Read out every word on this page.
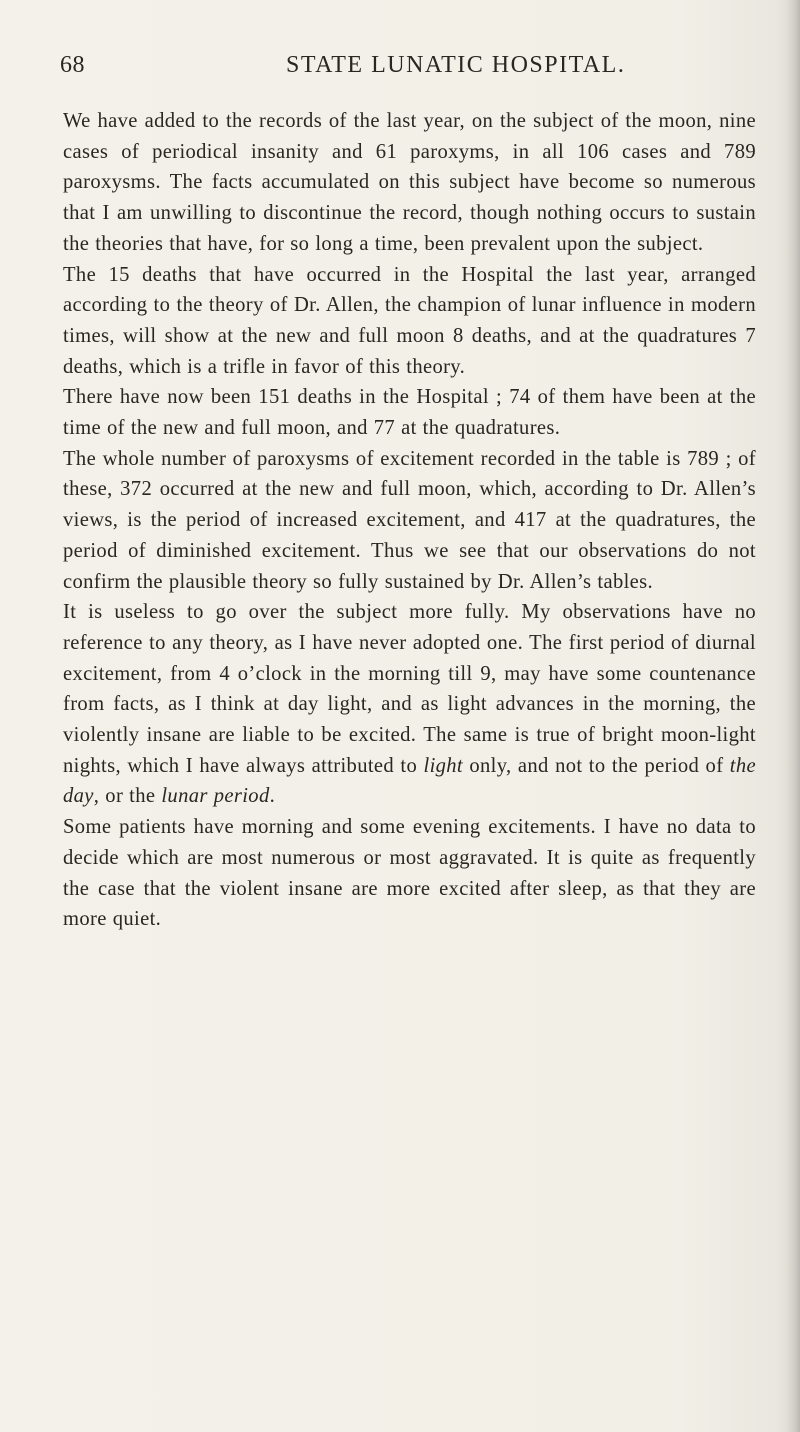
68	STATE LUNATIC HOSPITAL.

We have added to the records of the last year, on the subject of the moon, nine cases of periodical insanity and 61 paroxyms, in all 106 cases and 789 paroxysms. The facts accumulated on this subject have become so numerous that I am unwilling to discontinue the record, though nothing occurs to sustain the theories that have, for so long a time, been prevalent upon the subject.

The 15 deaths that have occurred in the Hospital the last year, arranged according to the theory of Dr. Allen, the champion of lunar influence in modern times, will show at the new and full moon 8 deaths, and at the quadratures 7 deaths, which is a trifle in favor of this theory.

There have now been 151 deaths in the Hospital ; 74 of them have been at the time of the new and full moon, and 77 at the quadratures.

The whole number of paroxysms of excitement recorded in the table is 789 ; of these, 372 occurred at the new and full moon, which, according to Dr. Allen’s views, is the period of increased excitement, and 417 at the quadratures, the period of diminished excitement. Thus we see that our observations do not confirm the plausible theory so fully sustained by Dr. Allen’s tables.

It is useless to go over the subject more fully. My observations have no reference to any theory, as I have never adopted one. The first period of diurnal excitement, from 4 o’clock in the morning till 9, may have some countenance from facts, as I think at day light, and as light advances in the morning, the violently insane are liable to be excited. The same is true of bright moon-light nights, which I have always attributed to light only, and not to the period of the day, or the lunar period.

Some patients have morning and some evening excitements. I have no data to decide which are most numerous or most aggravated. It is quite as frequently the case that the violent insane are more excited after sleep, as that they are more quiet.
